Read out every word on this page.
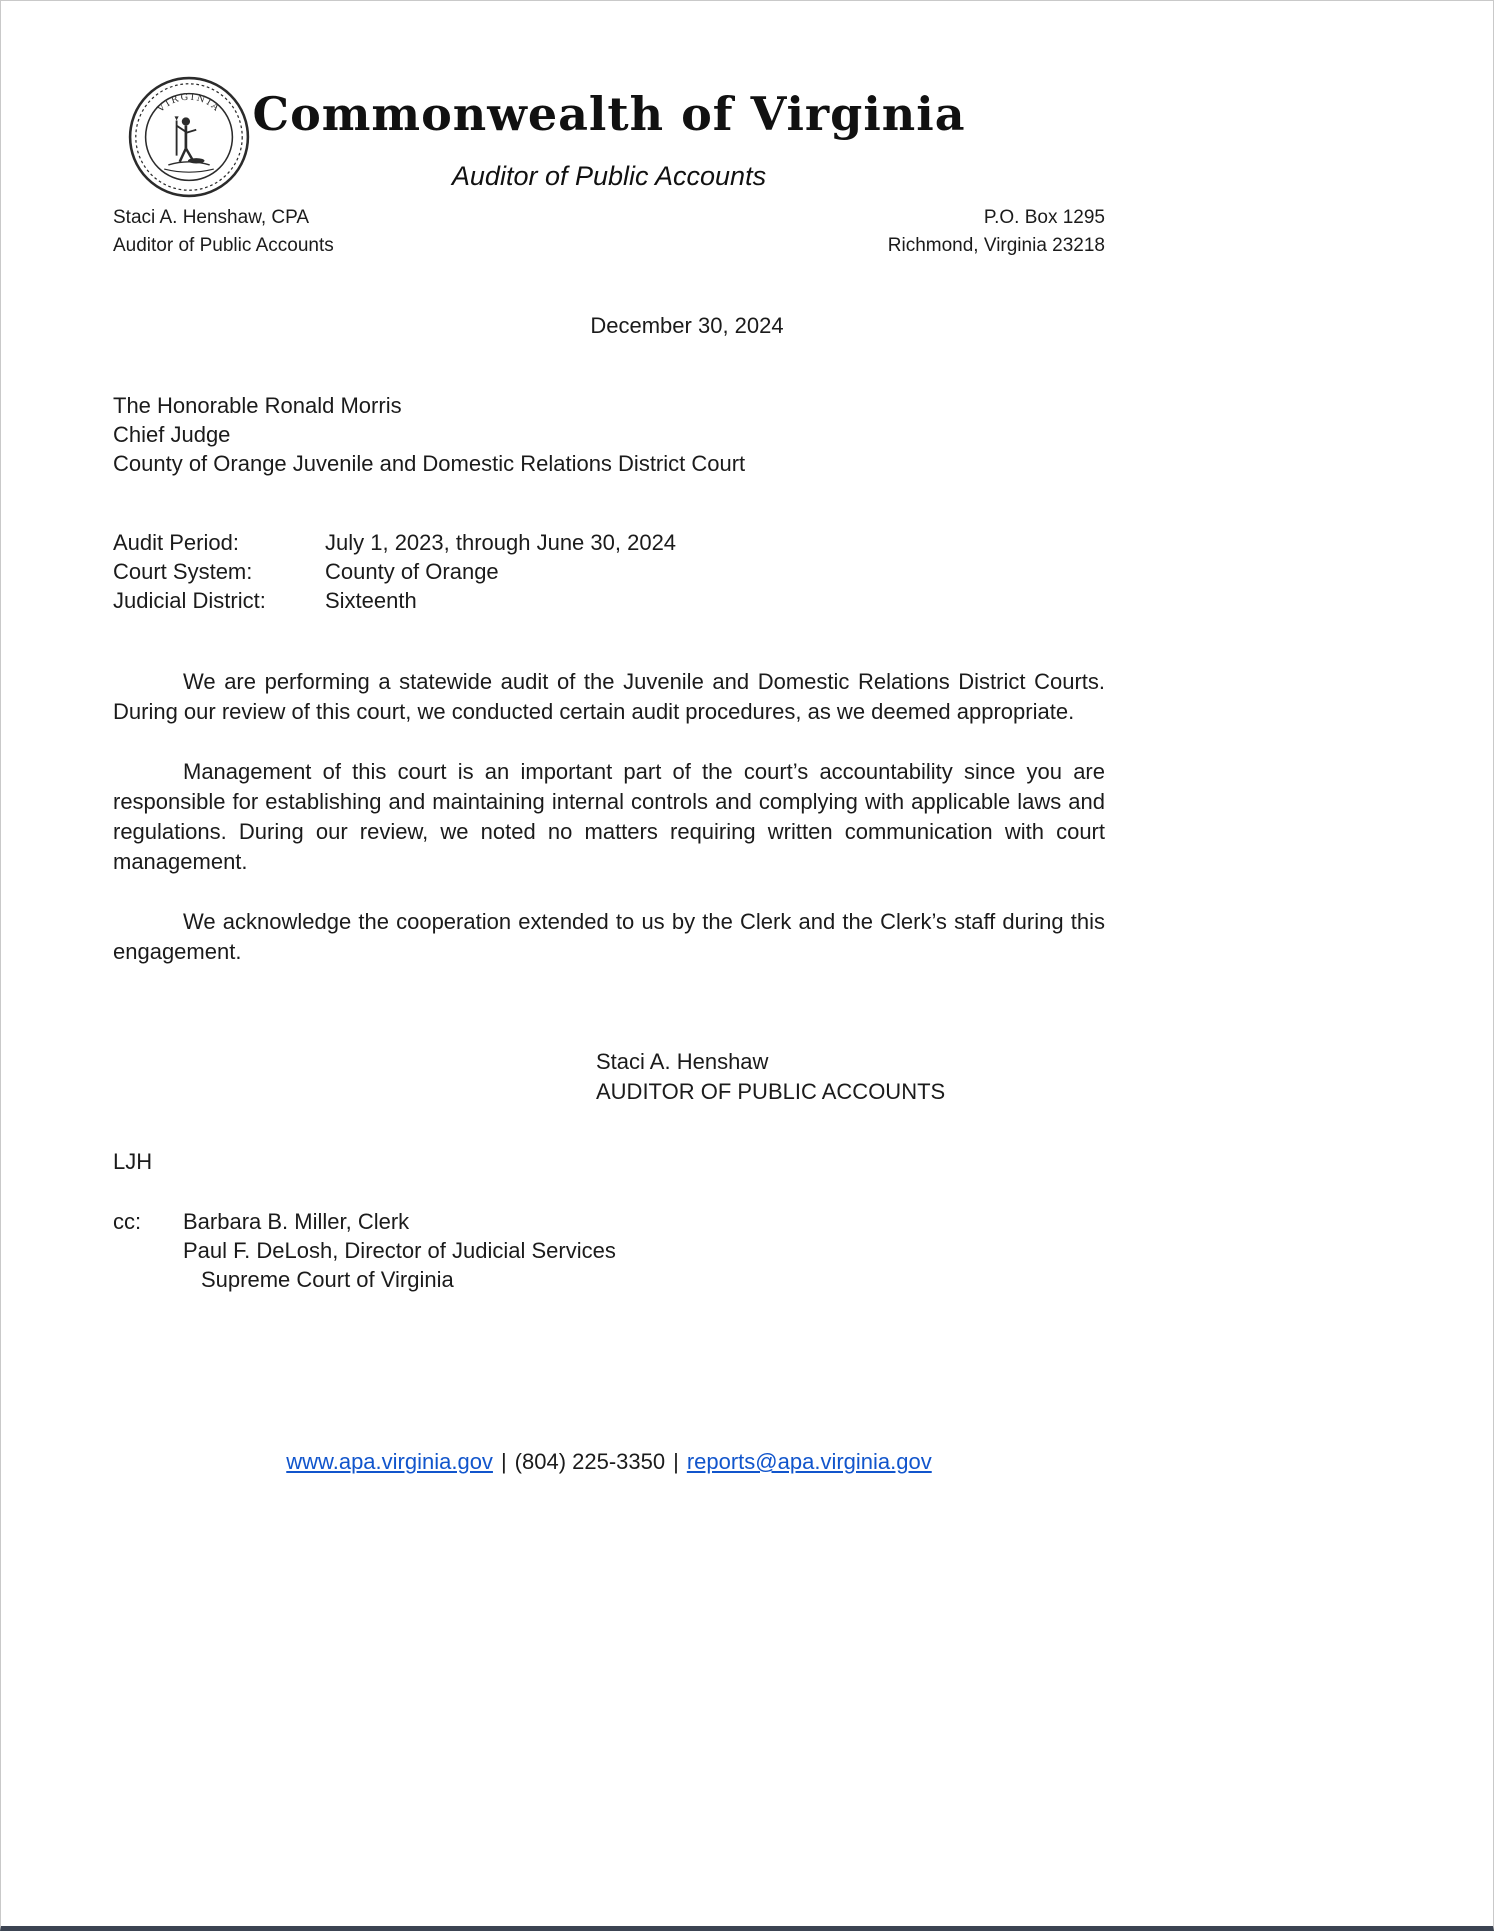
VIRGINIA Commonwealth of Virginia
Auditor of Public Accounts
Staci A. Henshaw, CPA
Auditor of Public Accounts
P.O. Box 1295
Richmond, Virginia 23218
December 30, 2024
The Honorable Ronald Morris
Chief Judge
County of Orange Juvenile and Domestic Relations District Court
Audit Period:	July 1, 2023, through June 30, 2024
Court System:	County of Orange
Judicial District:	Sixteenth

We are performing a statewide audit of the Juvenile and Domestic Relations District Courts. During our review of this court, we conducted certain audit procedures, as we deemed appropriate.

Management of this court is an important part of the court’s accountability since you are responsible for establishing and maintaining internal controls and complying with applicable laws and regulations. During our review, we noted no matters requiring written communication with court management.

We acknowledge the cooperation extended to us by the Clerk and the Clerk’s staff during this engagement.

Staci A. Henshaw
AUDITOR OF PUBLIC ACCOUNTS
LJH
cc:	Barbara B. Miller, Clerk
Paul F. DeLosh, Director of Judicial Services
Supreme Court of Virginia
www.apa.virginia.gov | (804) 225-3350 | reports@apa.virginia.gov
